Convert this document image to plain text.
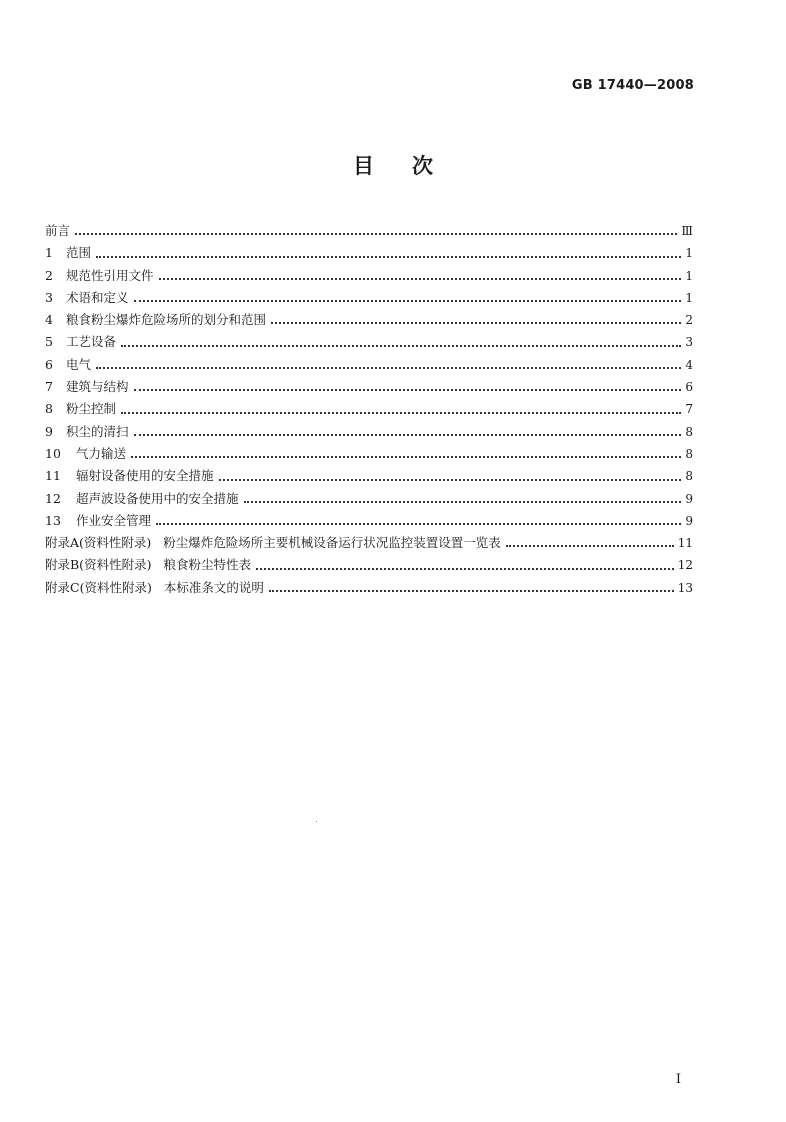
GB 17440—2008
目次
前言	Ⅲ
1	范围	1
2	规范性引用文件	1
3	术语和定义	1
4	粮食粉尘爆炸危险场所的划分和范围	2
5	工艺设备	3
6	电气	4
7	建筑与结构	6
8	粉尘控制	7
9	积尘的清扫	8
10	气力输送	8
11	辐射设备使用的安全措施	8
12	超声波设备使用中的安全措施	9
13	作业安全管理	9
附录A(资料性附录) 粉尘爆炸危险场所主要机械设备运行状况监控装置设置一览表	11
附录B(资料性附录) 粮食粉尘特性表	12
附录C(资料性附录) 本标准条文的说明	13
I
